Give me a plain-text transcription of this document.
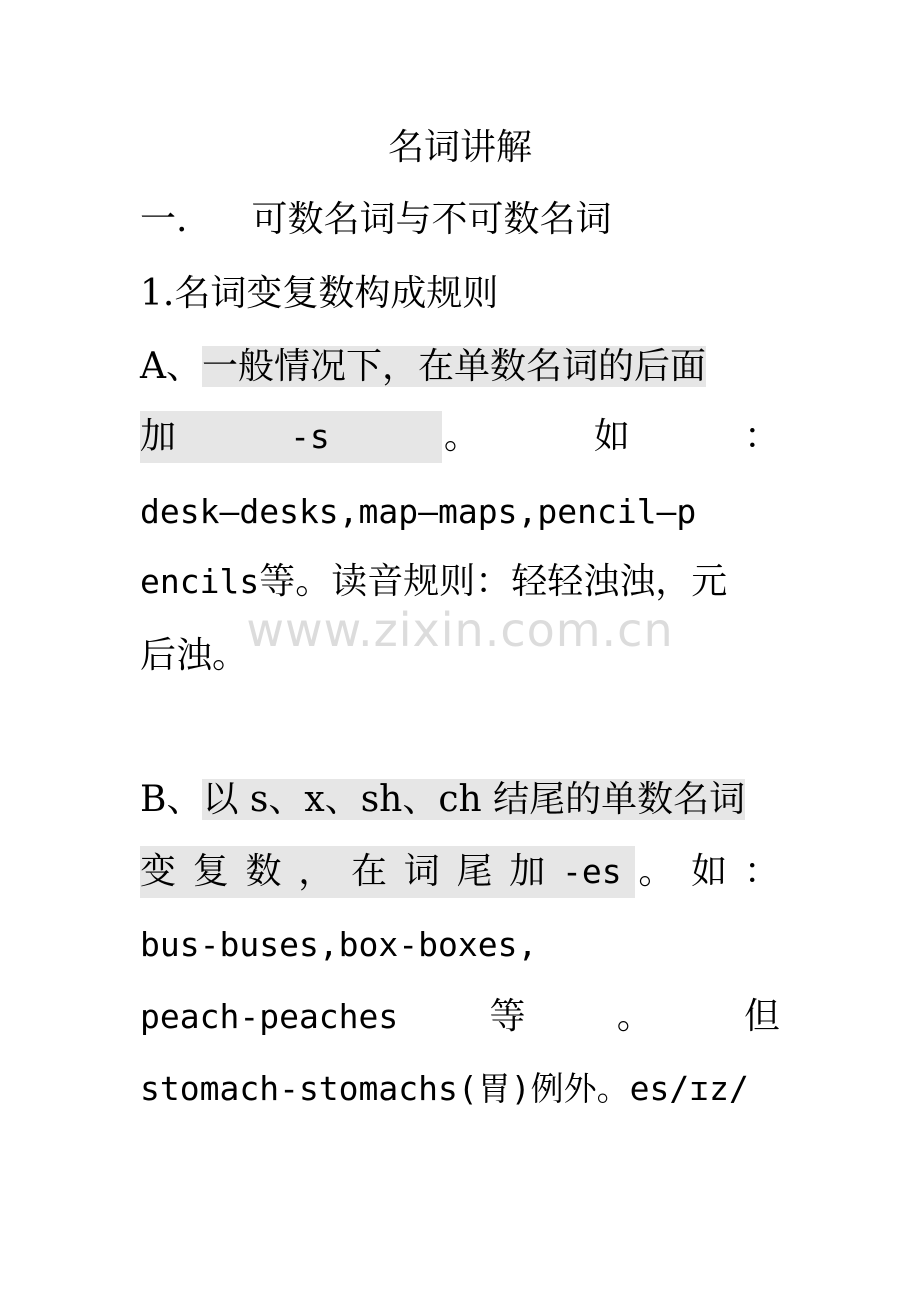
www.zixin.com.cn
名词讲解
一. 可数名词与不可数名词
1.名词变复数构成规则
A、一般情况下，在单数名词的后面
加	-s	。	如	：
desk—desks,map—maps,pencil—p
encils等。读音规则：轻轻浊浊，元
后浊。
B、以 s、x、sh、ch 结尾的单数名词
变 复 数 ， 在 词 尾 加 -es 。 如 ：
bus-buses,box-boxes,
peach-peaches	等	。	但
stomach-stomachs(胃)例外。es/ɪz/
